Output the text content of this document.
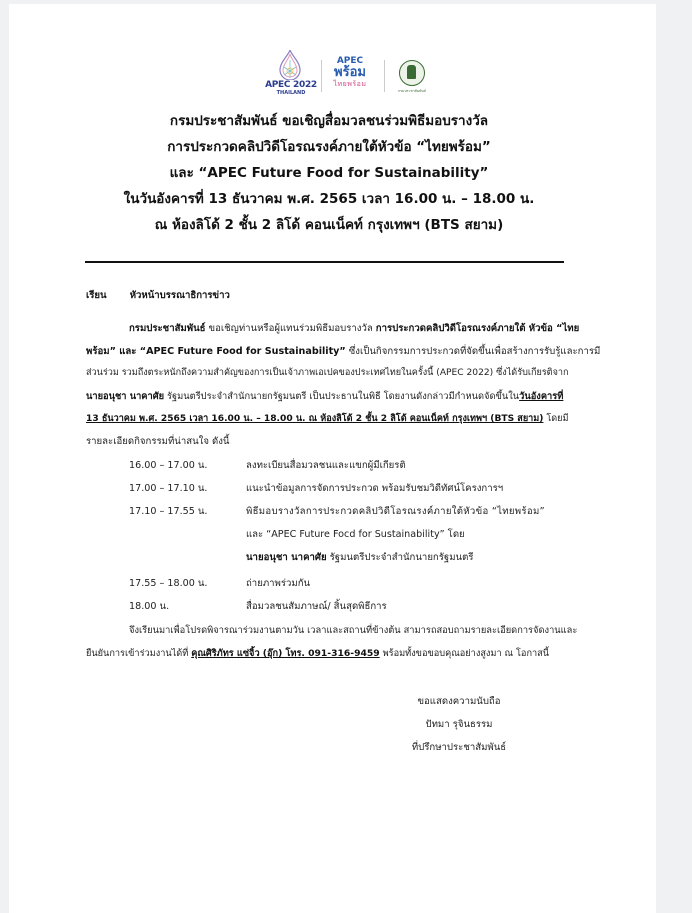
APEC 2022
THAILAND
APEC
พร้อม
ไทยพร้อม
กรมประชาสัมพันธ์
กรมประชาสัมพันธ์ ขอเชิญสื่อมวลชนร่วมพิธีมอบรางวัล
การประกวดคลิปวิดีโอรณรงค์ภายใต้หัวข้อ “ไทยพร้อม”
และ “APEC Future Food for Sustainability”
ในวันอังคารที่ 13 ธันวาคม พ.ศ. 2565 เวลา 16.00 น. – 18.00 น.
ณ ห้องลิโด้ 2 ชั้น 2 ลิโด้ คอนเน็คท์ กรุงเทพฯ (BTS สยาม)
เรียน หัวหน้าบรรณาธิการข่าว
กรมประชาสัมพันธ์ ขอเชิญท่านหรือผู้แทนร่วมพิธีมอบรางวัล การประกวดคลิปวิดีโอรณรงค์ภายใต้ หัวข้อ “ไทย
พร้อม” และ “APEC Future Food for Sustainability” ซึ่งเป็นกิจกรรมการประกวดที่จัดขึ้นเพื่อสร้างการรับรู้และการมี
ส่วนร่วม รวมถึงตระหนักถึงความสำคัญของการเป็นเจ้าภาพเอเปคของประเทศไทยในครั้งนี้ (APEC 2022) ซึ่งได้รับเกียรติจาก
นายอนุชา นาคาศัย รัฐมนตรีประจำสำนักนายกรัฐมนตรี เป็นประธานในพิธี โดยงานดังกล่าวมีกำหนดจัดขึ้นในวันอังคารที่
13 ธันวาคม พ.ศ. 2565 เวลา 16.00 น. – 18.00 น. ณ ห้องลิโด้ 2 ชั้น 2 ลิโด้ คอนเน็คท์ กรุงเทพฯ (BTS สยาม) โดยมี
รายละเอียดกิจกรรมที่น่าสนใจ ดังนี้
16.00 – 17.00 น.	ลงทะเบียนสื่อมวลชนและแขกผู้มีเกียรติ
17.00 – 17.10 น.	แนะนำข้อมูลการจัดการประกวด พร้อมรับชมวิดีทัศน์โครงการฯ
17.10 – 17.55 น.	พิธีมอบรางวัลการประกวดคลิปวิดีโอรณรงค์ภายใต้หัวข้อ “ไทยพร้อม”
และ “APEC Future Focd for Sustainability” โดย
นายอนุชา นาคาศัย รัฐมนตรีประจำสำนักนายกรัฐมนตรี
17.55 – 18.00 น.	ถ่ายภาพร่วมกัน
18.00 น.	สื่อมวลชนสัมภาษณ์/ สิ้นสุดพิธีการ
จึงเรียนมาเพื่อโปรดพิจารณาร่วมงานตามวัน เวลาและสถานที่ข้างต้น สามารถสอบถามรายละเอียดการจัดงานและ
ยืนยันการเข้าร่วมงานได้ที่ คุณศิริภัทร แซ่จิ้ว (อุ๊ก) โทร. 091-316-9459 พร้อมทั้งขอขอบคุณอย่างสูงมา ณ โอกาสนี้
ขอแสดงความนับถือ
ปัทมา รุจินธรรม
ที่ปรึกษาประชาสัมพันธ์
